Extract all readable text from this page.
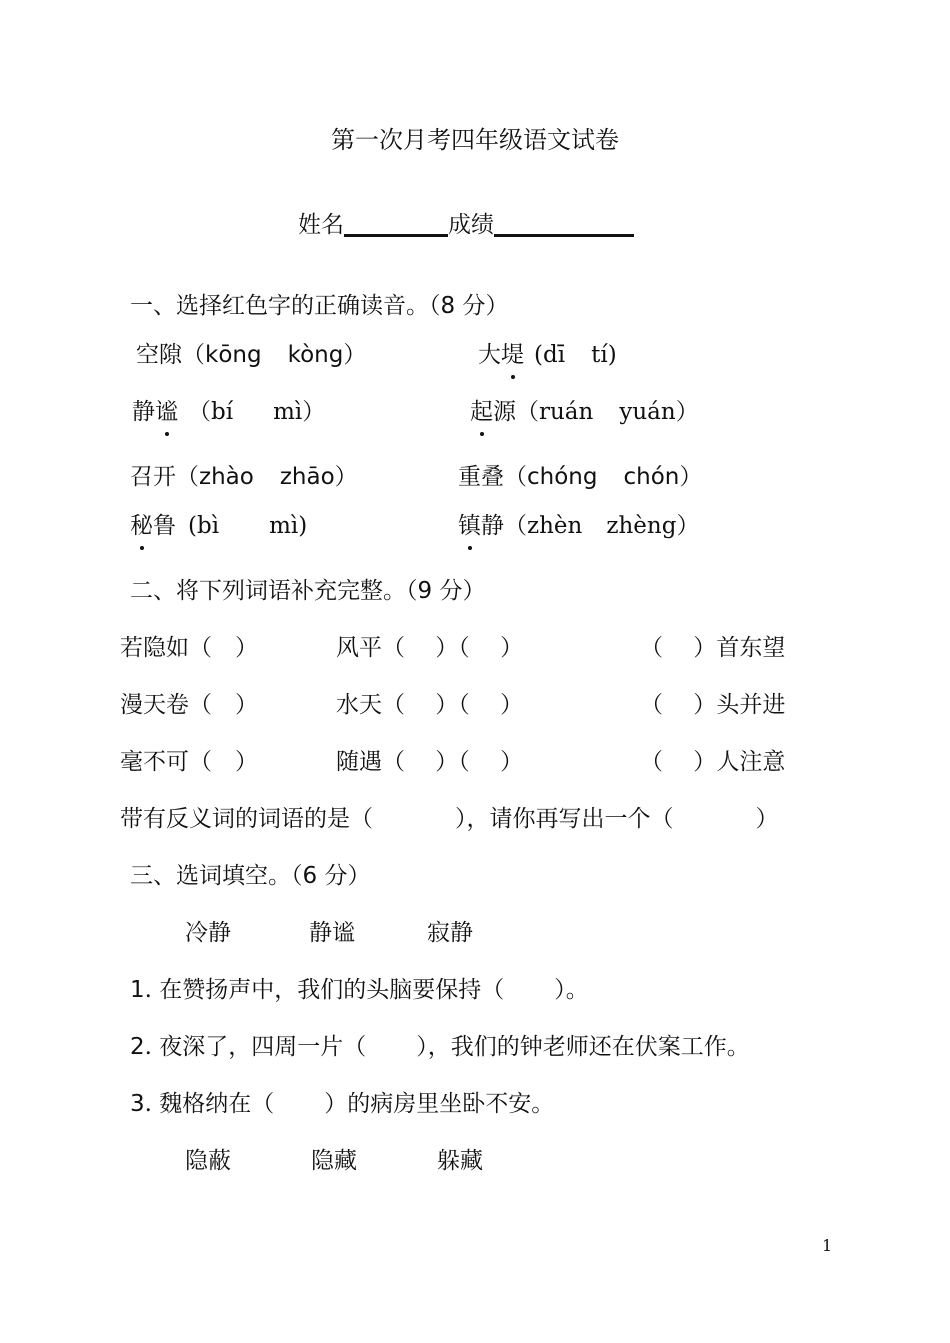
第一次月考四年级语文试卷
姓名	成绩
一、选择红色字的正确读音。（8 分）
空隙（kōng kòng）	大堤 (dī tí)
静谧 （bí mì）	起源（ruán yuán）
召开（zhào zhāo）	重叠（chóng chón）
秘鲁 (bì mì)	镇静（zhèn zhèng）
二、将下列词语补充完整。（9 分）
若隐如（　）	风平（　 ）（　 ）	（　 ）首东望
漫天卷（　）	水天（　 ）（　 ）	（　 ）头并进
毫不可（　）	随遇（　 ）（　 ）	（　 ）人注意
带有反义词的词语的是（	），请你再写出一个（	）
三、选词填空。（6 分）
冷静	静谧	寂静
1. 在赞扬声中，我们的头脑要保持（ ）。
2. 夜深了，四周一片（ ），我们的钟老师还在伏案工作。
3. 魏格纳在（ ）的病房里坐卧不安。
隐蔽	隐藏	躲藏
1
